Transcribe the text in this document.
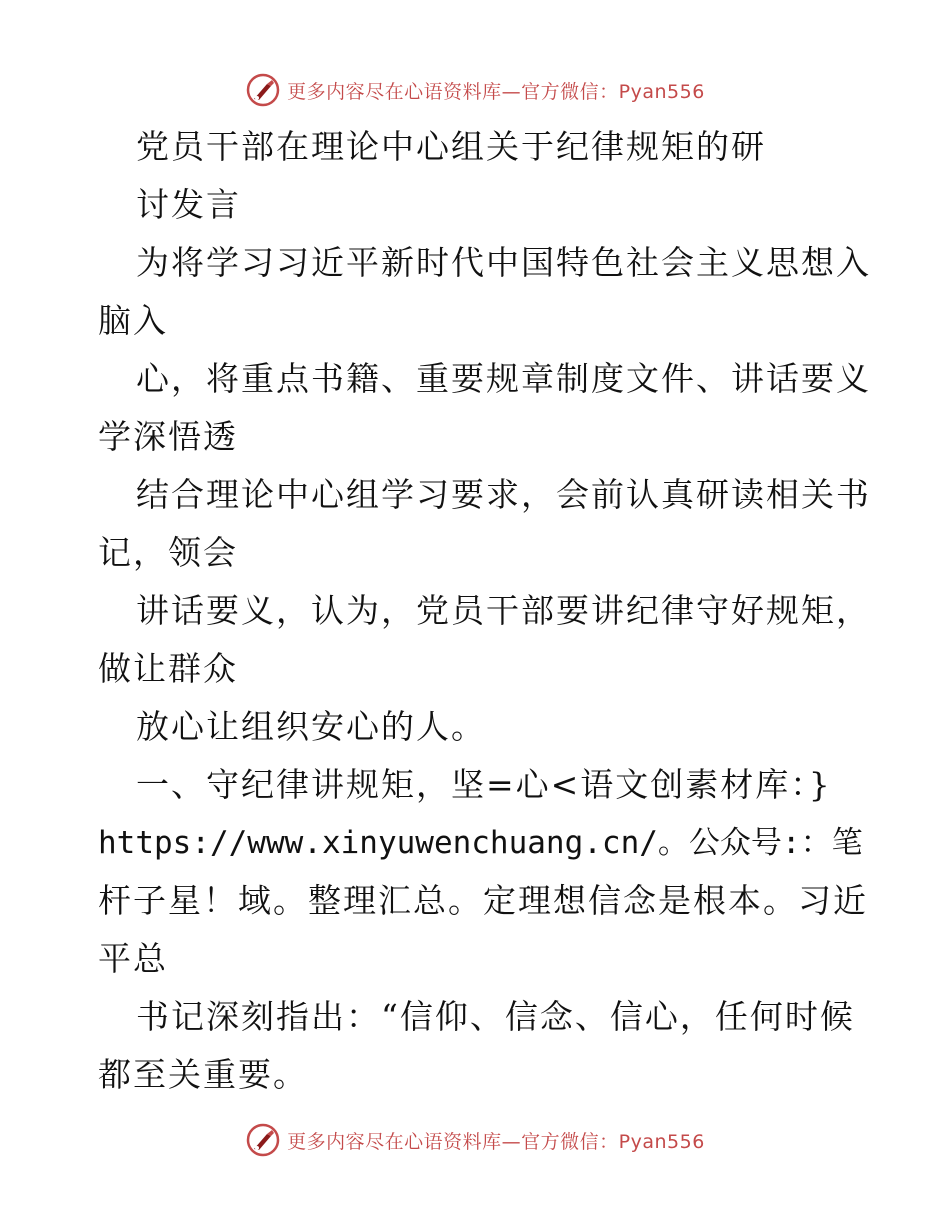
更多内容尽在心语资料库—官方微信：Pyan556
党员干部在理论中心组关于纪律规矩的研
讨发言
为将学习习近平新时代中国特色社会主义思想入
脑入
心，将重点书籍、重要规章制度文件、讲话要义
学深悟透
结合理论中心组学习要求，会前认真研读相关书
记，领会
讲话要义，认为，党员干部要讲纪律守好规矩，
做让群众
放心让组织安心的人。
一、守纪律讲规矩，坚=心<语文创素材库：}
https://www.xinyuwenchuang.cn/。公众号:：笔
杆子星！域。整理汇总。定理想信念是根本。习近
平总
书记深刻指出：“信仰、信念、信心，任何时候
都至关重要。
更多内容尽在心语资料库—官方微信：Pyan556
